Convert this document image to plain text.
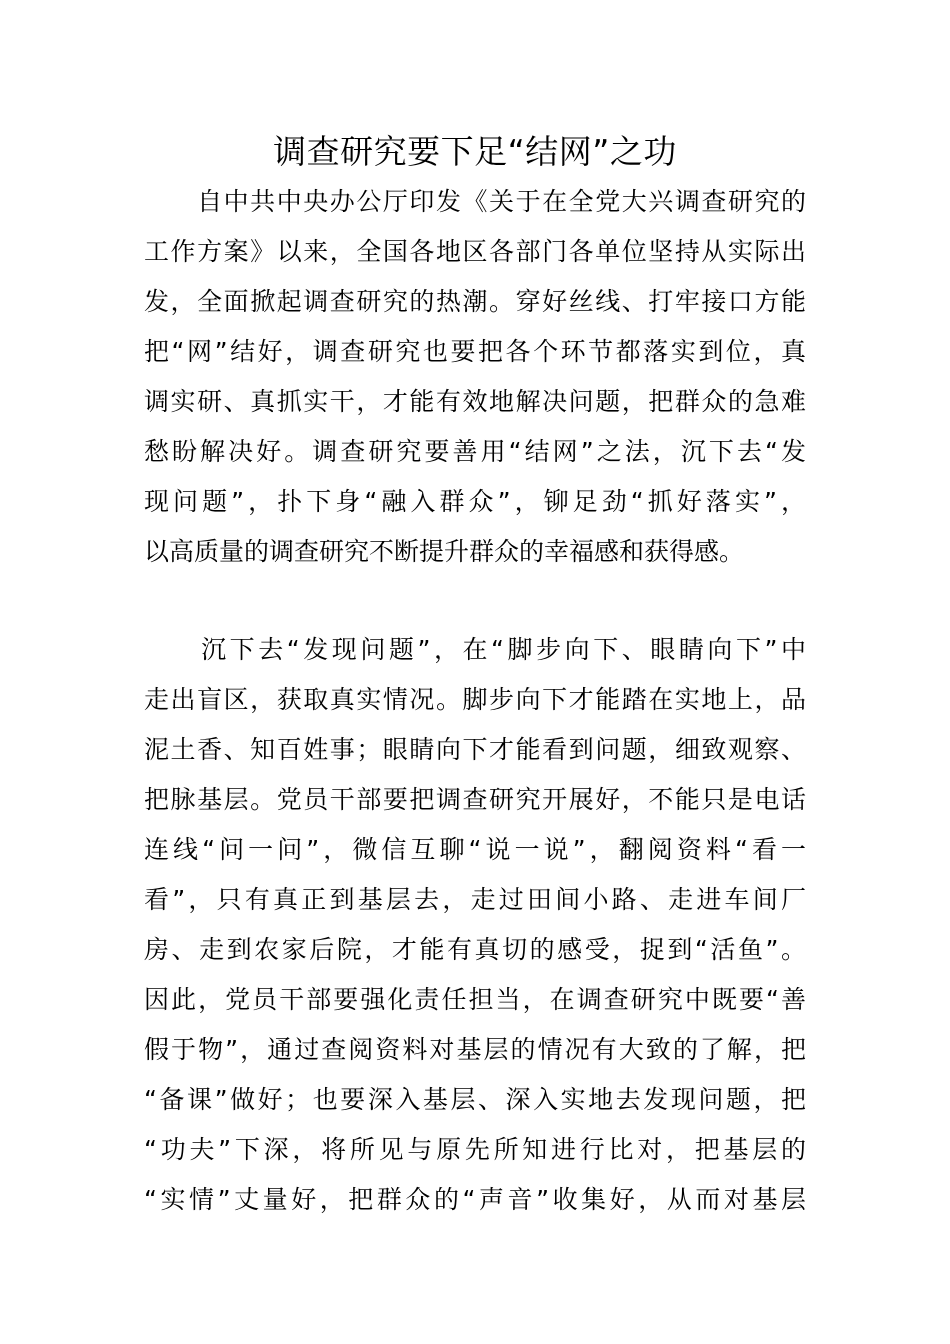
调查研究要下足“结网”之功
　　自中共中央办公厅印发《关于在全党大兴调查研究的
工作方案》以来，全国各地区各部门各单位坚持从实际出
发，全面掀起调查研究的热潮。穿好丝线、打牢接口方能
把“网”结好，调查研究也要把各个环节都落实到位，真
调实研、真抓实干，才能有效地解决问题，把群众的急难
愁盼解决好。调查研究要善用“结网”之法，沉下去“发
现问题”，扑下身“融入群众”，铆足劲“抓好落实”，
以高质量的调查研究不断提升群众的幸福感和获得感。
　　沉下去“发现问题”，在“脚步向下、眼睛向下”中
走出盲区，获取真实情况。脚步向下才能踏在实地上，品
泥土香、知百姓事；眼睛向下才能看到问题，细致观察、
把脉基层。党员干部要把调查研究开展好，不能只是电话
连线“问一问”，微信互聊“说一说”，翻阅资料“看一
看”，只有真正到基层去，走过田间小路、走进车间厂
房、走到农家后院，才能有真切的感受，捉到“活鱼”。
因此，党员干部要强化责任担当，在调查研究中既要“善
假于物”，通过查阅资料对基层的情况有大致的了解，把
“备课”做好；也要深入基层、深入实地去发现问题，把
“功夫”下深，将所见与原先所知进行比对，把基层的
“实情”丈量好，把群众的“声音”收集好，从而对基层
